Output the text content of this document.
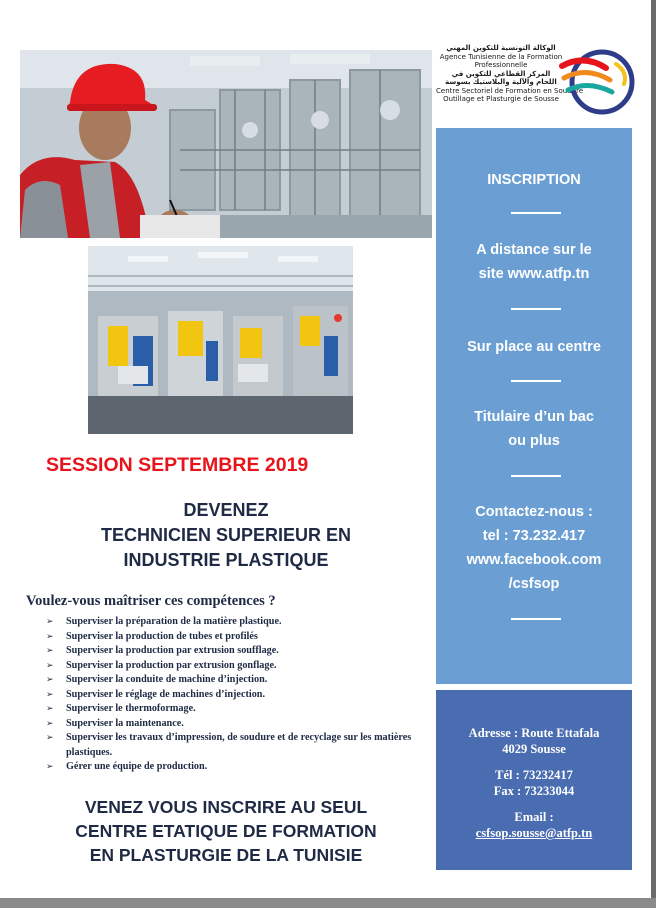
الوكالة التونسية للتكوين المهني
Agence Tunisienne de la Formation
Professionnelle
المركز القطاعي للتكوين في
اللحام والآلية والبلاستيك بسوسة
Centre Sectoriel de Formation en Soudure
Outillage et Plasturgie de Sousse
INSCRIPTION
A distance sur le
site www.atfp.tn
Sur place au centre
Titulaire d’un bac
ou plus
Contactez-nous :
tel : 73.232.417
www.facebook.com
/csfsop
Adresse : Route Ettafala
4029 Sousse
Tél : 73232417
Fax : 73233044
Email :
csfsop.sousse@atfp.tn
SESSION SEPTEMBRE 2019
DEVENEZ
TECHNICIEN SUPERIEUR EN
INDUSTRIE PLASTIQUE
Voulez-vous maîtriser ces compétences ?
➢ Superviser la préparation de la matière plastique.
➢ Superviser la production de tubes et profilés
➢ Superviser la production par extrusion soufflage.
➢ Superviser la production par extrusion gonflage.
➢ Superviser la conduite de machine d’injection.
➢ Superviser le réglage de machines d’injection.
➢ Superviser le thermoformage.
➢ Superviser la maintenance.
➢ Superviser les travaux d’impression, de soudure et de recyclage sur les matières plastiques.
➢ Gérer une équipe de production.
VENEZ VOUS INSCRIRE AU SEUL
CENTRE ETATIQUE DE FORMATION
EN PLASTURGIE DE LA TUNISIE
